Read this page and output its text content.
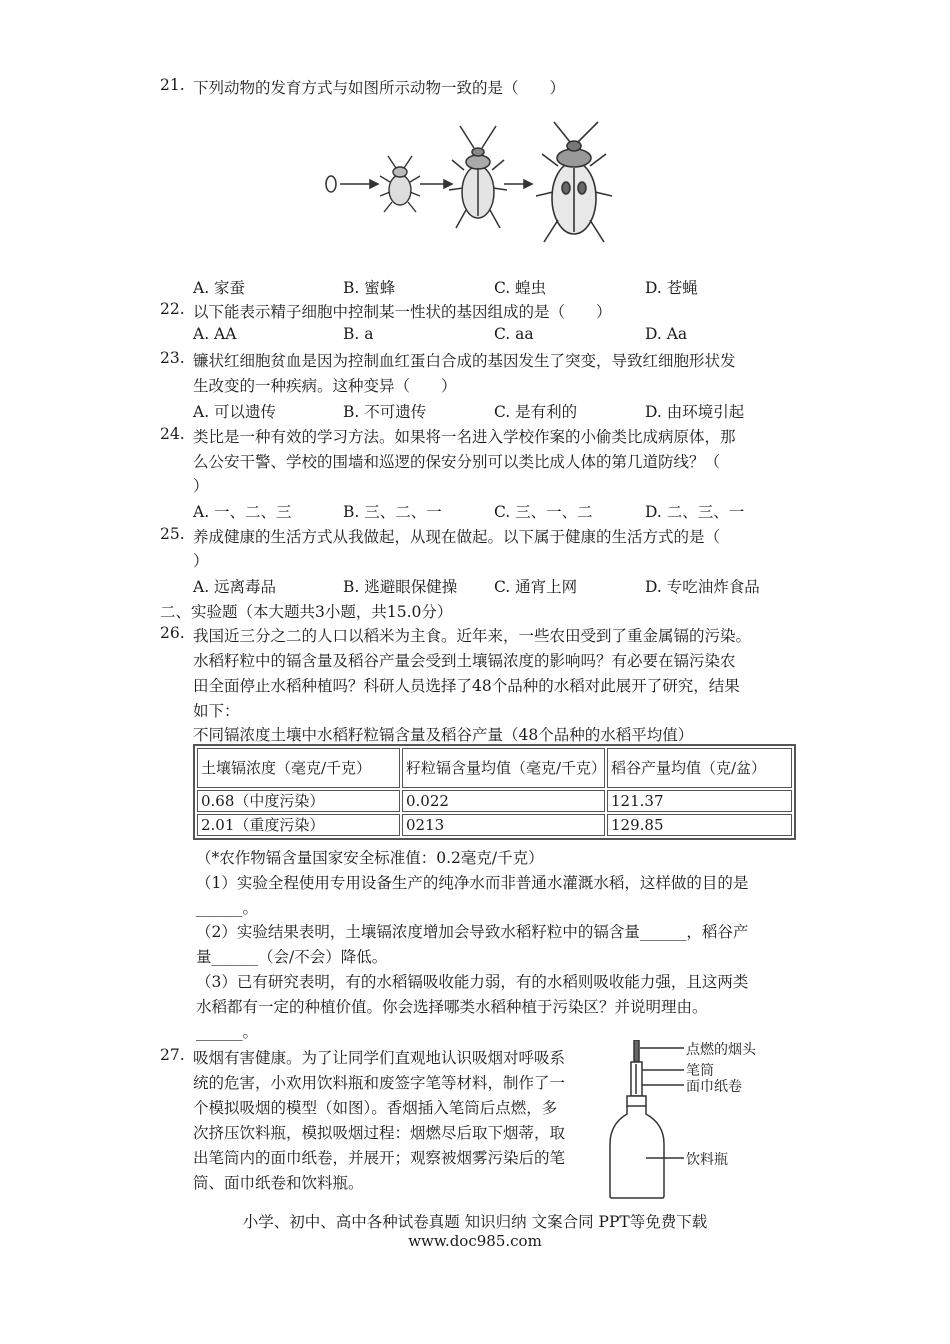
21. 下列动物的发育方式与如图所示动物一致的是（　　）
A. 家蚕	B. 蜜蜂	C. 蝗虫	D. 苍蝇
22. 以下能表示精子细胞中控制某一性状的基因组成的是（　　）
A. AA	B. a	C. aa	D. Aa
23. 镰状红细胞贫血是因为控制血红蛋白合成的基因发生了突变，导致红细胞形状发
生改变的一种疾病。这种变异（　　）
A. 可以遗传	B. 不可遗传	C. 是有利的	D. 由环境引起
24. 类比是一种有效的学习方法。如果将一名进入学校作案的小偷类比成病原体，那
么公安干警、学校的围墙和巡逻的保安分别可以类比成人体的第几道防线？（
）
A. 一、二、三	B. 三、二、一	C. 三、一、二	D. 二、三、一
25. 养成健康的生活方式从我做起，从现在做起。以下属于健康的生活方式的是（
）
A. 远离毒品	B. 逃避眼保健操 C. 通宵上网	D. 专吃油炸食品
二、实验题（本大题共3小题，共15.0分）
26. 我国近三分之二的人口以稻米为主食。近年来，一些农田受到了重金属镉的污染。
水稻籽粒中的镉含量及稻谷产量会受到土壤镉浓度的影响吗？有必要在镉污染农
田全面停止水稻种植吗？科研人员选择了48个品种的水稻对此展开了研究，结果
如下：
不同镉浓度土壤中水稻籽粒镉含量及稻谷产量（48个品种的水稻平均值）
土壤镉浓度（毫克/千克）	籽粒镉含量均值（毫克/千克）	稻谷产量均值（克/盆）
0.68（中度污染）	0.022	121.37
2.01（重度污染）	0213	129.85
（*农作物镉含量国家安全标准值：0.2毫克/千克）
（1）实验全程使用专用设备生产的纯净水而非普通水灌溉水稻，这样做的目的是
______。
（2）实验结果表明，土壤镉浓度增加会导致水稻籽粒中的镉含量______，稻谷产
量______（会/不会）降低。
（3）已有研究表明，有的水稻镉吸收能力弱，有的水稻则吸收能力强，且这两类
水稻都有一定的种植价值。你会选择哪类水稻种植于污染区？并说明理由。
______。
27. 吸烟有害健康。为了让同学们直观地认识吸烟对呼吸系
统的危害，小欢用饮料瓶和废签字笔等材料，制作了一
个模拟吸烟的模型（如图）。香烟插入笔筒后点燃，多
次挤压饮料瓶，模拟吸烟过程：烟燃尽后取下烟蒂，取
出笔筒内的面巾纸卷，并展开；观察被烟雾污染后的笔
筒、面巾纸卷和饮料瓶。
点燃的烟头
笔筒
面巾纸卷
饮料瓶
小学、初中、高中各种试卷真题 知识归纳 文案合同 PPT等免费下载
www.doc985.com
